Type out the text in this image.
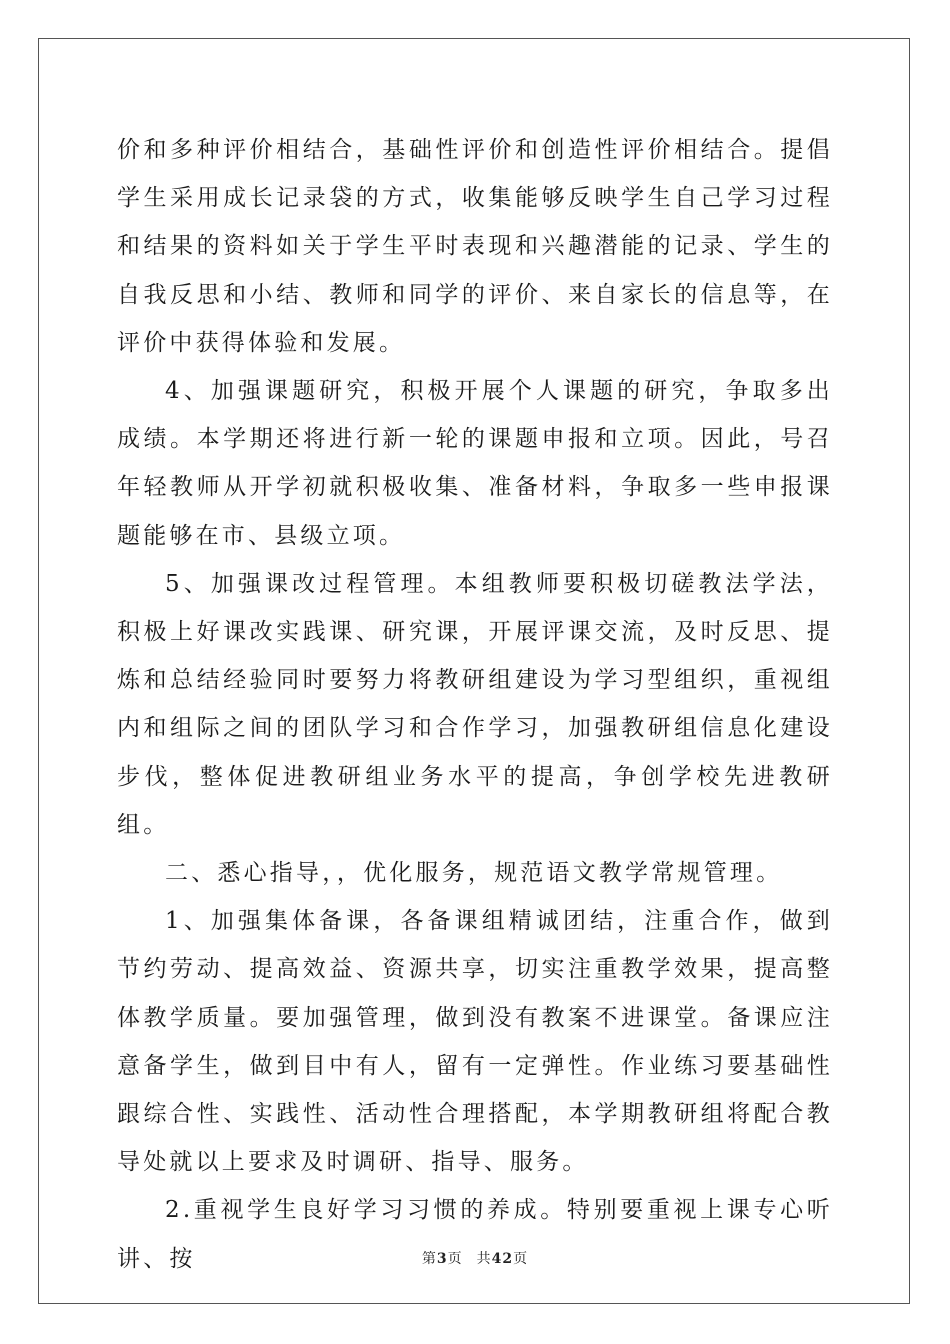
价和多种评价相结合，基础性评价和创造性评价相结合。提倡学生采用成长记录袋的方式，收集能够反映学生自己学习过程和结果的资料如关于学生平时表现和兴趣潜能的记录、学生的自我反思和小结、教师和同学的评价、来自家长的信息等，在评价中获得体验和发展。

4、加强课题研究，积极开展个人课题的研究，争取多出成绩。本学期还将进行新一轮的课题申报和立项。因此，号召年轻教师从开学初就积极收集、准备材料，争取多一些申报课题能够在市、县级立项。

5、加强课改过程管理。本组教师要积极切磋教法学法，积极上好课改实践课、研究课，开展评课交流，及时反思、提炼和总结经验同时要努力将教研组建设为学习型组织，重视组内和组际之间的团队学习和合作学习，加强教研组信息化建设步伐，整体促进教研组业务水平的提高，争创学校先进教研组。

二、悉心指导，，优化服务，规范语文教学常规管理。

1、加强集体备课，各备课组精诚团结，注重合作，做到节约劳动、提高效益、资源共享，切实注重教学效果，提高整体教学质量。要加强管理，做到没有教案不进课堂。备课应注意备学生，做到目中有人，留有一定弹性。作业练习要基础性跟综合性、实践性、活动性合理搭配，本学期教研组将配合教导处就以上要求及时调研、指导、服务。

2.重视学生良好学习习惯的养成。特别要重视上课专心听讲、按	第3页 共42页
